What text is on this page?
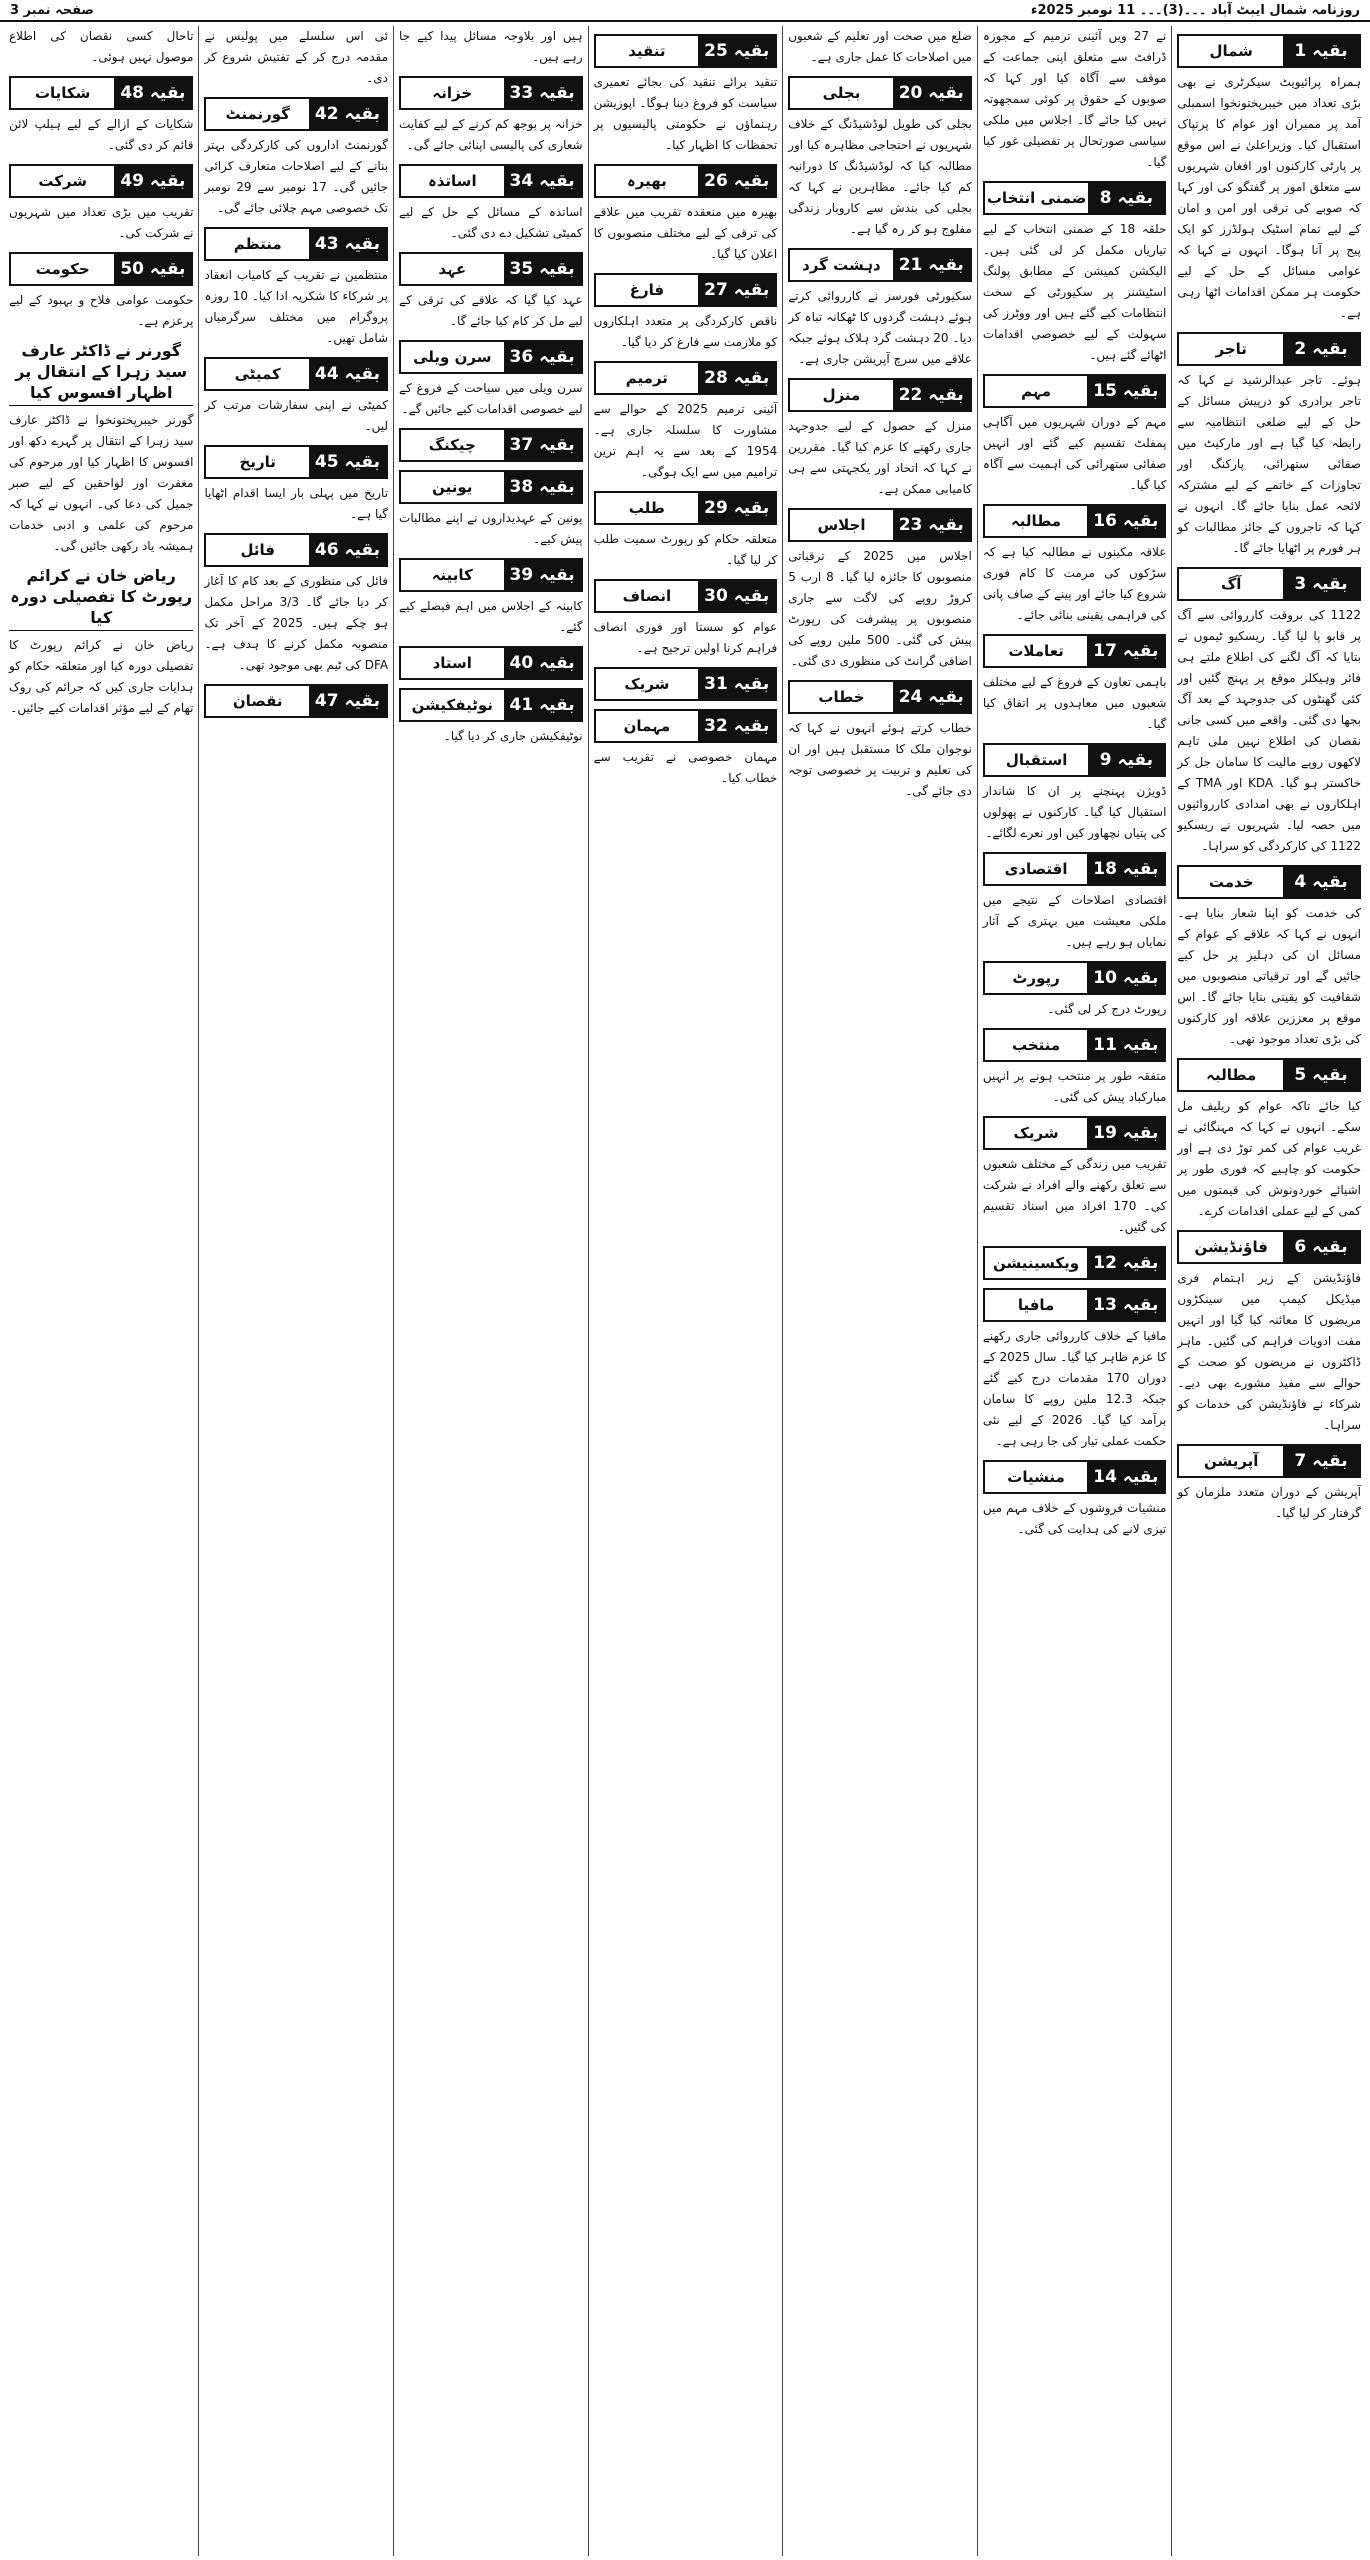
روزنامہ شمال ایبٹ آباد ۔۔۔(3)۔۔۔ 11 نومبر 2025ء
صفحہ نمبر 3
بقیہ 1
شمال

ہمراہ پرائیویٹ سیکرٹری نے بھی بڑی تعداد میں خیبرپختونخوا اسمبلی آمد پر ممبران اور عوام کا پرتپاک استقبال کیا۔ وزیراعلیٰ نے اس موقع پر پارٹی کارکنوں اور افغان شہریوں سے متعلق امور پر گفتگو کی اور کہا کہ صوبے کی ترقی اور امن و امان کے لیے تمام اسٹیک ہولڈرز کو ایک پیج پر آنا ہوگا۔ انہوں نے کہا کہ عوامی مسائل کے حل کے لیے حکومت ہر ممکن اقدامات اٹھا رہی ہے۔

بقیہ 2
تاجر

ہوئے۔ تاجر عبدالرشید نے کہا کہ تاجر برادری کو درپیش مسائل کے حل کے لیے ضلعی انتظامیہ سے رابطہ کیا گیا ہے اور مارکیٹ میں صفائی ستھرائی، پارکنگ اور تجاوزات کے خاتمے کے لیے مشترکہ لائحہ عمل بنایا جائے گا۔ انہوں نے کہا کہ تاجروں کے جائز مطالبات کو ہر فورم پر اٹھایا جائے گا۔

بقیہ 3
آگ

1122 کی بروقت کارروائی سے آگ پر قابو پا لیا گیا۔ ریسکیو ٹیموں نے بتایا کہ آگ لگنے کی اطلاع ملتے ہی فائر وہیکلز موقع پر پہنچ گئیں اور کئی گھنٹوں کی جدوجہد کے بعد آگ بجھا دی گئی۔ واقعے میں کسی جانی نقصان کی اطلاع نہیں ملی تاہم لاکھوں روپے مالیت کا سامان جل کر خاکستر ہو گیا۔ KDA اور TMA کے اہلکاروں نے بھی امدادی کارروائیوں میں حصہ لیا۔ شہریوں نے ریسکیو 1122 کی کارکردگی کو سراہا۔

بقیہ 4
خدمت

کی خدمت کو اپنا شعار بنایا ہے۔ انہوں نے کہا کہ علاقے کے عوام کے مسائل ان کی دہلیز پر حل کیے جائیں گے اور ترقیاتی منصوبوں میں شفافیت کو یقینی بنایا جائے گا۔ اس موقع پر معززین علاقہ اور کارکنوں کی بڑی تعداد موجود تھی۔

بقیہ 5
مطالبہ

کیا جائے تاکہ عوام کو ریلیف مل سکے۔ انہوں نے کہا کہ مہنگائی نے غریب عوام کی کمر توڑ دی ہے اور حکومت کو چاہیے کہ فوری طور پر اشیائے خوردونوش کی قیمتوں میں کمی کے لیے عملی اقدامات کرے۔

بقیہ 6
فاؤنڈیشن

فاؤنڈیشن کے زیر اہتمام فری میڈیکل کیمپ میں سینکڑوں مریضوں کا معائنہ کیا گیا اور انہیں مفت ادویات فراہم کی گئیں۔ ماہر ڈاکٹروں نے مریضوں کو صحت کے حوالے سے مفید مشورے بھی دیے۔ شرکاء نے فاؤنڈیشن کی خدمات کو سراہا۔

بقیہ 7
آپریشن

آپریشن کے دوران متعدد ملزمان کو گرفتار کر لیا گیا۔

نے 27 ویں آئینی ترمیم کے مجوزہ ڈرافٹ سے متعلق اپنی جماعت کے موقف سے آگاہ کیا اور کہا کہ صوبوں کے حقوق پر کوئی سمجھوتہ نہیں کیا جائے گا۔ اجلاس میں ملکی سیاسی صورتحال پر تفصیلی غور کیا گیا۔

بقیہ 8
ضمنی انتخاب

حلقہ 18 کے ضمنی انتخاب کے لیے تیاریاں مکمل کر لی گئی ہیں۔ الیکشن کمیشن کے مطابق پولنگ اسٹیشنز پر سکیورٹی کے سخت انتظامات کیے گئے ہیں اور ووٹرز کی سہولت کے لیے خصوصی اقدامات اٹھائے گئے ہیں۔

بقیہ 15
مہم

مہم کے دوران شہریوں میں آگاہی پمفلٹ تقسیم کیے گئے اور انہیں صفائی ستھرائی کی اہمیت سے آگاہ کیا گیا۔

بقیہ 16
مطالبہ

علاقہ مکینوں نے مطالبہ کیا ہے کہ سڑکوں کی مرمت کا کام فوری شروع کیا جائے اور پینے کے صاف پانی کی فراہمی یقینی بنائی جائے۔

بقیہ 17
تعاملات

باہمی تعاون کے فروغ کے لیے مختلف شعبوں میں معاہدوں پر اتفاق کیا گیا۔

بقیہ 9
استقبال

ڈویژن پہنچنے پر ان کا شاندار استقبال کیا گیا۔ کارکنوں نے پھولوں کی پتیاں نچھاور کیں اور نعرے لگائے۔

بقیہ 18
اقتصادی

اقتصادی اصلاحات کے نتیجے میں ملکی معیشت میں بہتری کے آثار نمایاں ہو رہے ہیں۔

بقیہ 10
رپورٹ

رپورٹ درج کر لی گئی۔

بقیہ 11
منتخب

متفقہ طور پر منتخب ہونے پر انہیں مبارکباد پیش کی گئی۔

بقیہ 19
شریک

تقریب میں زندگی کے مختلف شعبوں سے تعلق رکھنے والے افراد نے شرکت کی۔ 170 افراد میں اسناد تقسیم کی گئیں۔

بقیہ 12
ویکسینیشن
بقیہ 13
مافیا

مافیا کے خلاف کارروائی جاری رکھنے کا عزم ظاہر کیا گیا۔ سال 2025 کے دوران 170 مقدمات درج کیے گئے جبکہ 12.3 ملین روپے کا سامان برآمد کیا گیا۔ 2026 کے لیے نئی حکمت عملی تیار کی جا رہی ہے۔

بقیہ 14
منشیات

منشیات فروشوں کے خلاف مہم میں تیزی لانے کی ہدایت کی گئی۔

ضلع میں صحت اور تعلیم کے شعبوں میں اصلاحات کا عمل جاری ہے۔

بقیہ 20
بجلی

بجلی کی طویل لوڈشیڈنگ کے خلاف شہریوں نے احتجاجی مظاہرہ کیا اور مطالبہ کیا کہ لوڈشیڈنگ کا دورانیہ کم کیا جائے۔ مظاہرین نے کہا کہ بجلی کی بندش سے کاروبار زندگی مفلوج ہو کر رہ گیا ہے۔

بقیہ 21
دہشت گرد

سکیورٹی فورسز نے کارروائی کرتے ہوئے دہشت گردوں کا ٹھکانہ تباہ کر دیا۔ 20 دہشت گرد ہلاک ہوئے جبکہ علاقے میں سرچ آپریشن جاری ہے۔

بقیہ 22
منزل

منزل کے حصول کے لیے جدوجہد جاری رکھنے کا عزم کیا گیا۔ مقررین نے کہا کہ اتحاد اور یکجہتی سے ہی کامیابی ممکن ہے۔

بقیہ 23
اجلاس

اجلاس میں 2025 کے ترقیاتی منصوبوں کا جائزہ لیا گیا۔ 8 ارب 5 کروڑ روپے کی لاگت سے جاری منصوبوں پر پیشرفت کی رپورٹ پیش کی گئی۔ 500 ملین روپے کی اضافی گرانٹ کی منظوری دی گئی۔

بقیہ 24
خطاب

خطاب کرتے ہوئے انہوں نے کہا کہ نوجوان ملک کا مستقبل ہیں اور ان کی تعلیم و تربیت پر خصوصی توجہ دی جائے گی۔

بقیہ 25
تنقید

تنقید برائے تنقید کی بجائے تعمیری سیاست کو فروغ دینا ہوگا۔ اپوزیشن رہنماؤں نے حکومتی پالیسیوں پر تحفظات کا اظہار کیا۔

بقیہ 26
بھیرہ

بھیرہ میں منعقدہ تقریب میں علاقے کی ترقی کے لیے مختلف منصوبوں کا اعلان کیا گیا۔

بقیہ 27
فارغ

ناقص کارکردگی پر متعدد اہلکاروں کو ملازمت سے فارغ کر دیا گیا۔

بقیہ 28
ترمیم

آئینی ترمیم 2025 کے حوالے سے مشاورت کا سلسلہ جاری ہے۔ 1954 کے بعد سے یہ اہم ترین ترامیم میں سے ایک ہوگی۔

بقیہ 29
طلب

متعلقہ حکام کو رپورٹ سمیت طلب کر لیا گیا۔

بقیہ 30
انصاف

عوام کو سستا اور فوری انصاف فراہم کرنا اولین ترجیح ہے۔

بقیہ 31
شریک
بقیہ 32
مہمان

مہمان خصوصی نے تقریب سے خطاب کیا۔

ہیں اور بلاوجہ مسائل پیدا کیے جا رہے ہیں۔

بقیہ 33
خزانہ

خزانہ پر بوجھ کم کرنے کے لیے کفایت شعاری کی پالیسی اپنائی جائے گی۔

بقیہ 34
اساتذہ

اساتذہ کے مسائل کے حل کے لیے کمیٹی تشکیل دے دی گئی۔

بقیہ 35
عہد

عہد کیا گیا کہ علاقے کی ترقی کے لیے مل کر کام کیا جائے گا۔

بقیہ 36
سرن ویلی

سرن ویلی میں سیاحت کے فروغ کے لیے خصوصی اقدامات کیے جائیں گے۔

بقیہ 37
چیکنگ
بقیہ 38
یونین

یونین کے عہدیداروں نے اپنے مطالبات پیش کیے۔

بقیہ 39
کابینہ

کابینہ کے اجلاس میں اہم فیصلے کیے گئے۔

بقیہ 40
استاد
بقیہ 41
نوٹیفکیشن

نوٹیفکیشن جاری کر دیا گیا۔

ئی اس سلسلے میں پولیس نے مقدمہ درج کر کے تفتیش شروع کر دی۔

بقیہ 42
گورنمنٹ

گورنمنٹ اداروں کی کارکردگی بہتر بنانے کے لیے اصلاحات متعارف کرائی جائیں گی۔ 17 نومبر سے 29 نومبر تک خصوصی مہم چلائی جائے گی۔

بقیہ 43
منتظم

منتظمین نے تقریب کے کامیاب انعقاد پر شرکاء کا شکریہ ادا کیا۔ 10 روزہ پروگرام میں مختلف سرگرمیاں شامل تھیں۔

بقیہ 44
کمیٹی

کمیٹی نے اپنی سفارشات مرتب کر لیں۔

بقیہ 45
تاریخ

تاریخ میں پہلی بار ایسا اقدام اٹھایا گیا ہے۔

بقیہ 46
فائل

فائل کی منظوری کے بعد کام کا آغاز کر دیا جائے گا۔ 3/3 مراحل مکمل ہو چکے ہیں۔ 2025 کے آخر تک منصوبہ مکمل کرنے کا ہدف ہے۔ DFA کی ٹیم بھی موجود تھی۔

بقیہ 47
نقصان

تاحال کسی نقصان کی اطلاع موصول نہیں ہوئی۔

بقیہ 48
شکایات

شکایات کے ازالے کے لیے ہیلپ لائن قائم کر دی گئی۔

بقیہ 49
شرکت

تقریب میں بڑی تعداد میں شہریوں نے شرکت کی۔

بقیہ 50
حکومت

حکومت عوامی فلاح و بہبود کے لیے پرعزم ہے۔

گورنر نے ڈاکٹر عارف سید زہرا کے انتقال پر اظہار افسوس کیا

گورنر خیبرپختونخوا نے ڈاکٹر عارف سید زہرا کے انتقال پر گہرے دکھ اور افسوس کا اظہار کیا اور مرحوم کی مغفرت اور لواحقین کے لیے صبر جمیل کی دعا کی۔ انہوں نے کہا کہ مرحوم کی علمی و ادبی خدمات ہمیشہ یاد رکھی جائیں گی۔

ریاض خان نے کرائم رپورٹ کا تفصیلی دورہ کیا

ریاض خان نے کرائم رپورٹ کا تفصیلی دورہ کیا اور متعلقہ حکام کو ہدایات جاری کیں کہ جرائم کی روک تھام کے لیے مؤثر اقدامات کیے جائیں۔
